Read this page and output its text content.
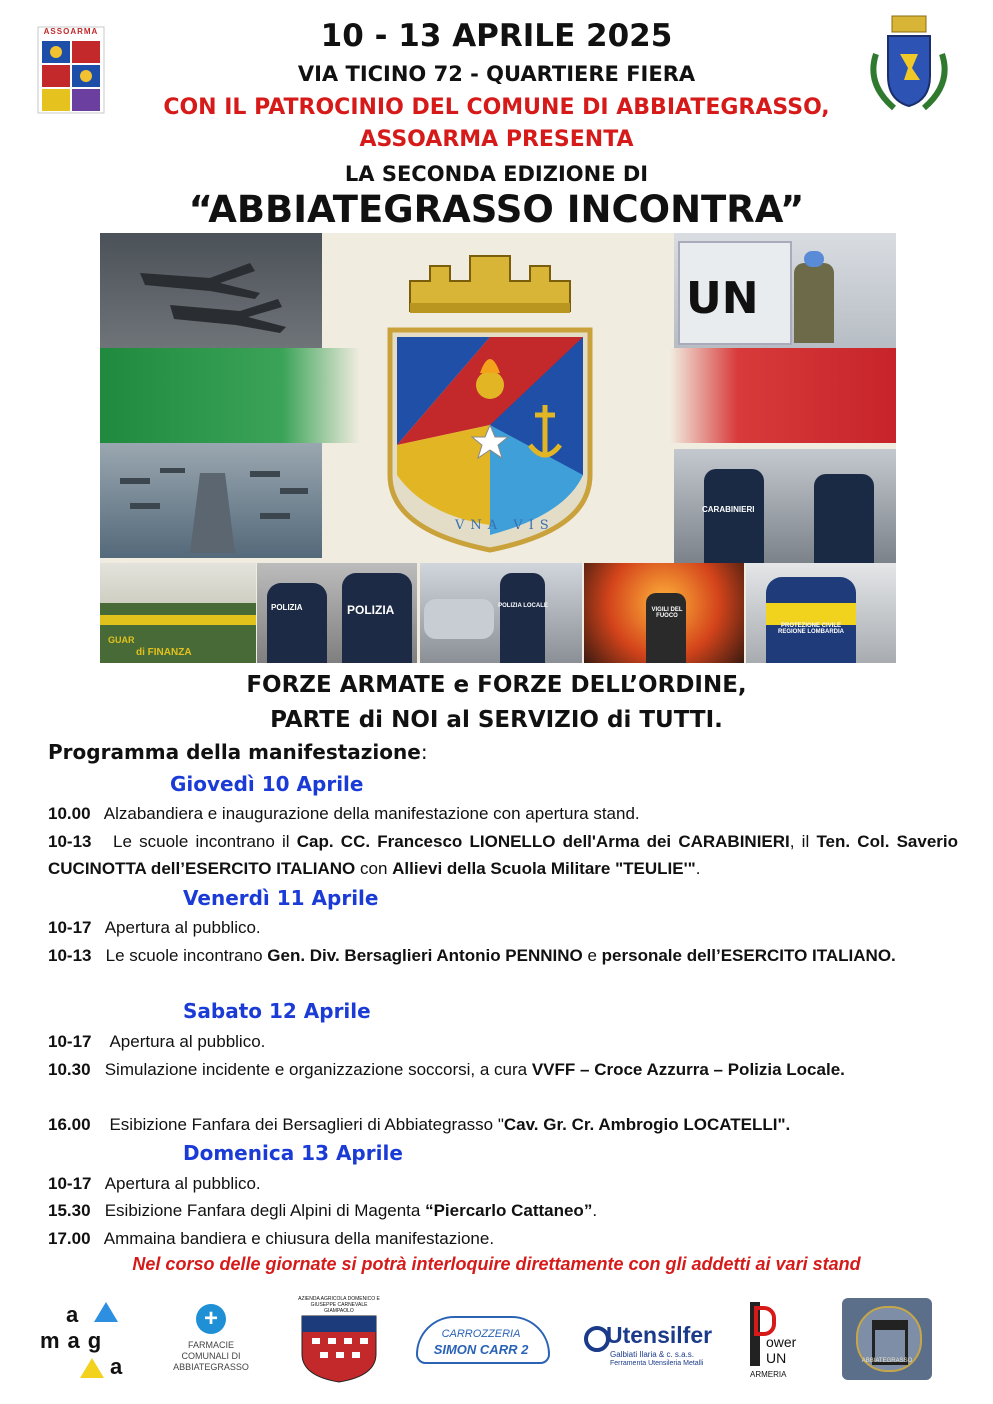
ASSOARMA	10 - 13 APRILE 2025
VIA TICINO 72 - QUARTIERE FIERA
CON IL PATROCINIO DEL COMUNE DI ABBIATEGRASSO,
ASSOARMA PRESENTA
LA SECONDA EDIZIONE DI
“ABBIATEGRASSO INCONTRA”
UN
VNA VIS
CARABINIERI
GUAR
di FINANZA
POLIZIA	POLIZIA	POLIZIA LOCALE
VIGILI DEL FUOCO
PROTEZIONE CIVILE REGIONE LOMBARDIA
FORZE ARMATE e FORZE DELL’ORDINE,
PARTE di NOI al SERVIZIO di TUTTI.
Programma della manifestazione:
Giovedì 10 Aprile
10.00 Alzabandiera e inaugurazione della manifestazione con apertura stand.
10-13 Le scuole incontrano il Cap. CC. Francesco LIONELLO dell'Arma dei CARABINIERI, il Ten. Col. Saverio CUCINOTTA dell’ESERCITO ITALIANO con Allievi della Scuola Militare "TEULIE'".
Venerdì 11 Aprile
10-17 Apertura al pubblico.
10-13 Le scuole incontrano Gen. Div. Bersaglieri Antonio PENNINO e personale dell’ESERCITO ITALIANO.
Sabato 12 Aprile
10-17 Apertura al pubblico.
10.30 Simulazione incidente e organizzazione soccorsi, a cura VVFF – Croce Azzurra – Polizia Locale.
16.00 Esibizione Fanfara dei Bersaglieri di Abbiategrasso "Cav. Gr. Cr. Ambrogio LOCATELLI".
Domenica 13 Aprile
10-17 Apertura al pubblico.
15.30 Esibizione Fanfara degli Alpini di Magenta “Piercarlo Cattaneo”.
17.00 Ammaina bandiera e chiusura della manifestazione.
Nel corso delle giornate si potrà interloquire direttamente con gli addetti ai vari stand
a
mag
a
+
FARMACIE COMUNALI DI ABBIATEGRASSO
AZIENDA AGRICOLA DOMENICO E GIUSEPPE CARNEVALE GIAMPAOLO
CARROZZERIA
SIMON CARR 2
Utensilfer
Galbiati Ilaria & c. s.a.s.
Ferramenta Utensileria Metalli
ower
UN
ARMERIA
ABBIATEGRASSO
